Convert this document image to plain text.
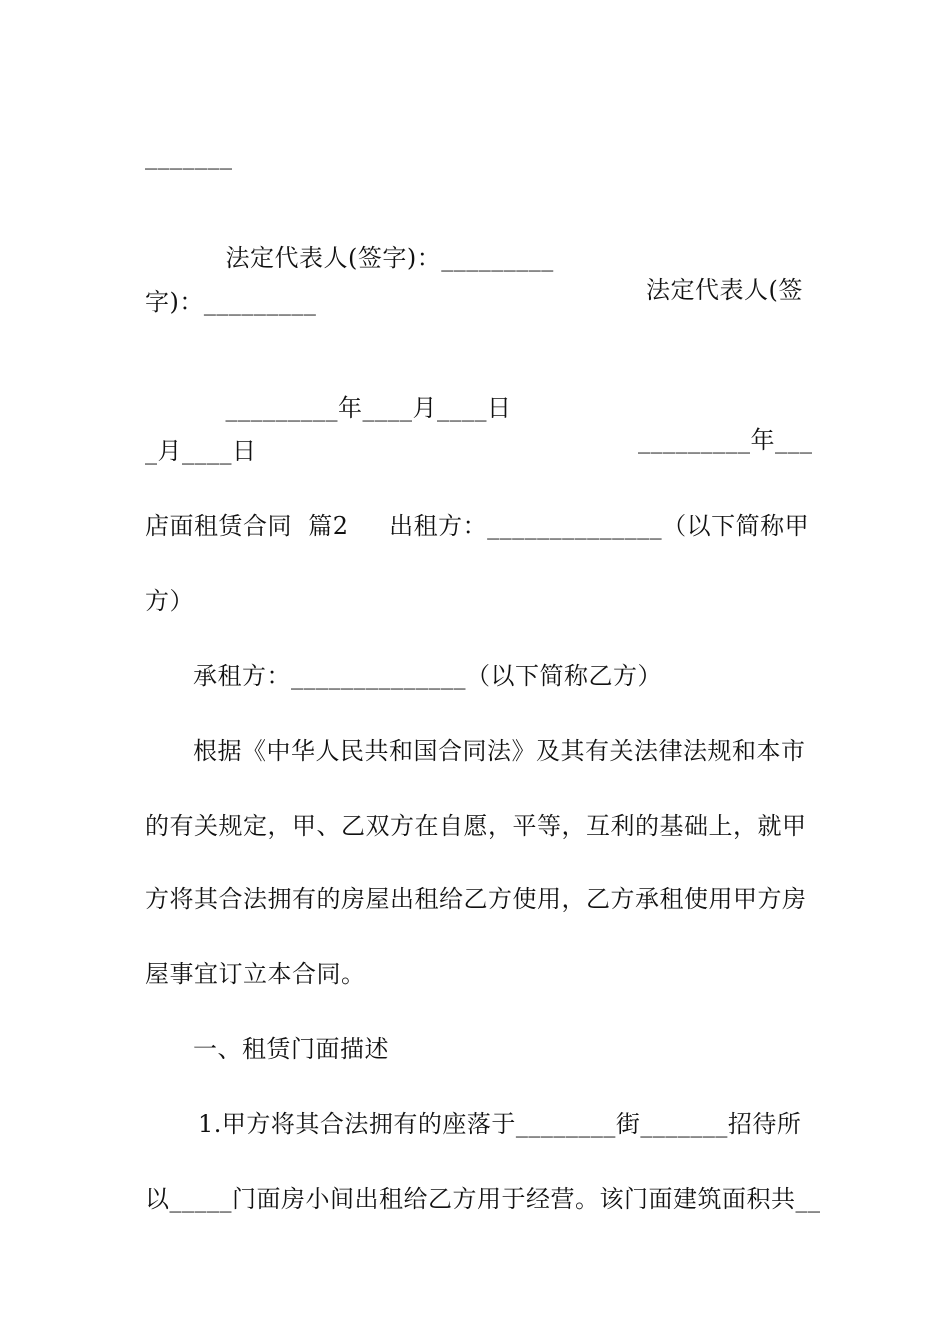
_______

法定代表人(签字)：_________

法定代表人(签

字)：_________

_________年____月____日

_________年___

_月____日
店面租赁合同  篇2     出租方：______________（以下简称甲
方）
承租方：______________（以下简称乙方）
根据《中华人民共和国合同法》及其有关法律法规和本市
的有关规定，甲、乙双方在自愿，平等，互利的基础上，就甲
方将其合法拥有的房屋出租给乙方使用，乙方承租使用甲方房
屋事宜订立本合同。
一、租赁门面描述
1.甲方将其合法拥有的座落于________街_______招待所
以_____门面房小间出租给乙方用于经营。该门面建筑面积共__
